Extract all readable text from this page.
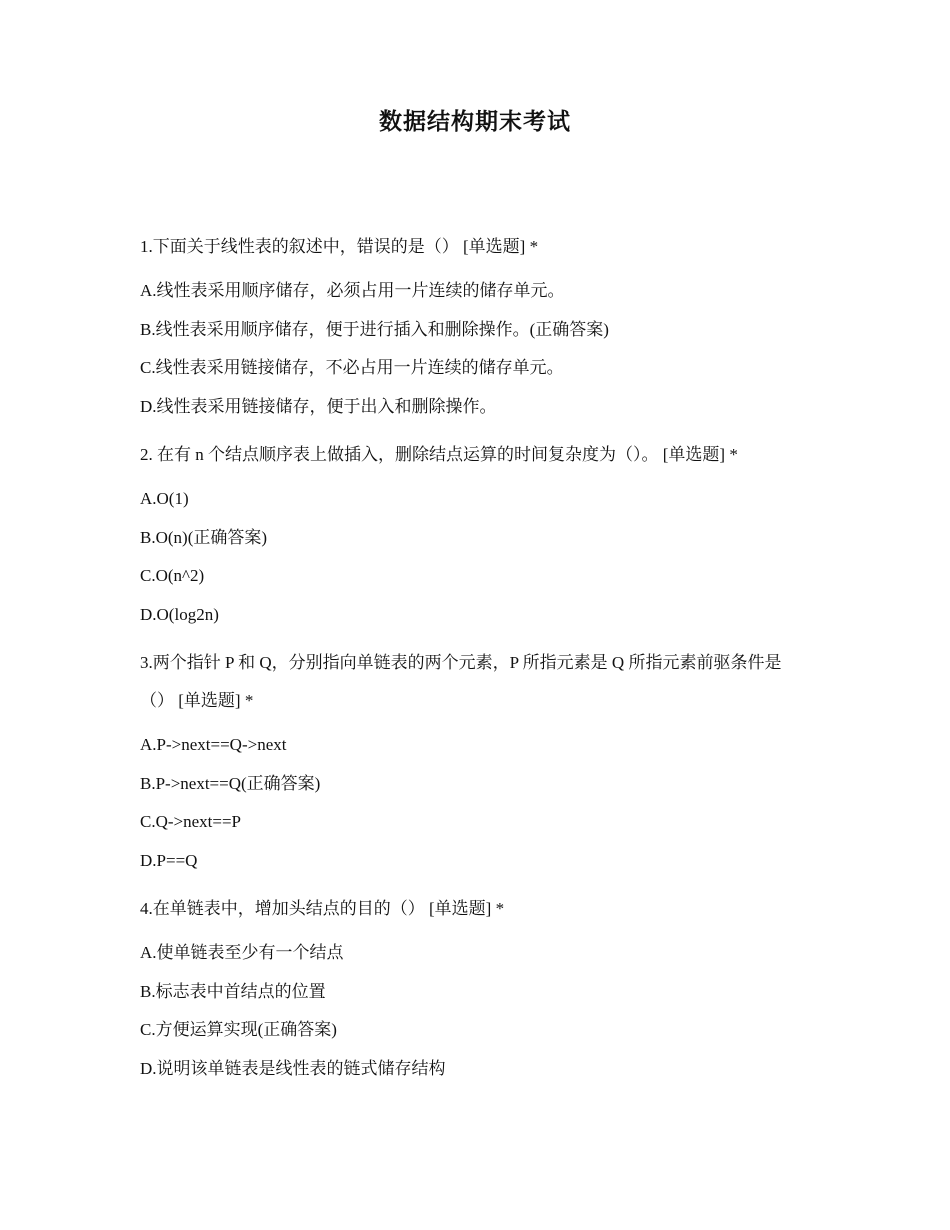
数据结构期末考试

1.下面关于线性表的叙述中，错误的是（） [单选题] *

A.线性表采用顺序储存，必须占用一片连续的储存单元。

B.线性表采用顺序储存，便于进行插入和删除操作。(正确答案)

C.线性表采用链接储存，不必占用一片连续的储存单元。

D.线性表采用链接储存，便于出入和删除操作。

2. 在有 n 个结点顺序表上做插入，删除结点运算的时间复杂度为（）。 [单选题] *

A.O(1)

B.O(n)(正确答案)

C.O(n^2)

D.O(log2n)

3.两个指针 P 和 Q，分别指向单链表的两个元素，P 所指元素是 Q 所指元素前驱条件是（） [单选题] *

A.P->next==Q->next

B.P->next==Q(正确答案)

C.Q->next==P

D.P==Q

4.在单链表中，增加头结点的目的（） [单选题] *

A.使单链表至少有一个结点

B.标志表中首结点的位置

C.方便运算实现(正确答案)

D.说明该单链表是线性表的链式储存结构
